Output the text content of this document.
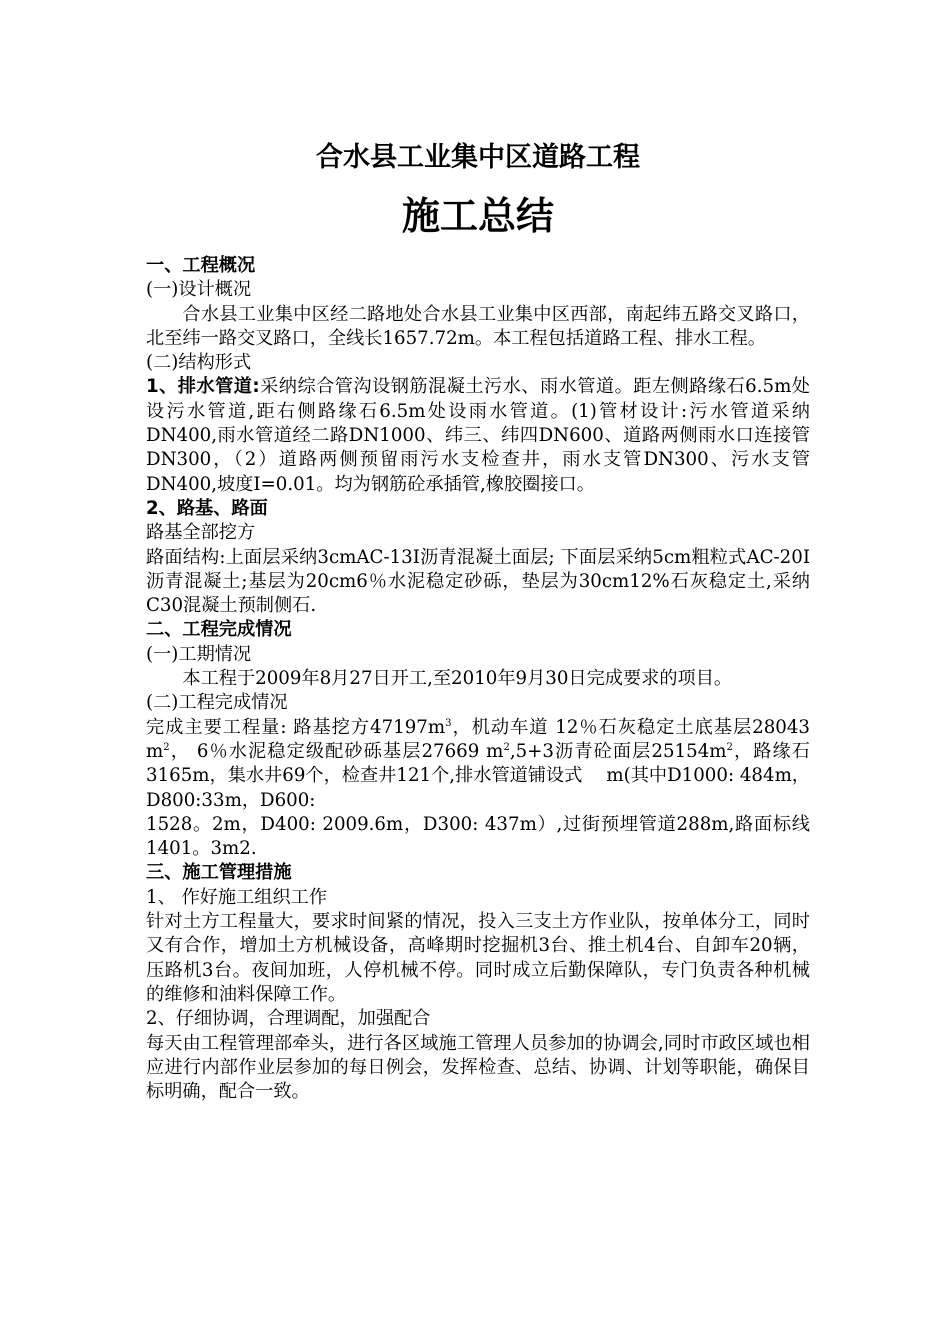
合水县工业集中区道路工程
施工总结
一、工程概况

(一)设计概况

合水县工业集中区经二路地处合水县工业集中区西部，南起纬五路交叉路口，北至纬一路交叉路口，全线长1657.72m。本工程包括道路工程、排水工程。

(二)结构形式

1、排水管道:采纳综合管沟设钢筋混凝土污水、雨水管道。距左侧路缘石6.5m处设污水管道,距右侧路缘石6.5m处设雨水管道。(1)管材设计:污水管道采纳DN400,雨水管道经二路DN1000、纬三、纬四DN600、道路两侧雨水口连接管DN300，（2）道路两侧预留雨污水支检查井，雨水支管DN300、污水支管DN400,坡度I=0.01。均为钢筋砼承插管,橡胶圈接口。

2、路基、路面

路基全部挖方

路面结构:上面层采纳3cmAC-13I沥青混凝土面层; 下面层采纳5cm粗粒式AC-20I沥青混凝土;基层为20cm6％水泥稳定砂砾，垫层为30cm12%石灰稳定土,采纳C30混凝土预制侧石.

二、工程完成情况

(一)工期情况

本工程于2009年8月27日开工,至2010年9月30日完成要求的项目。

(二)工程完成情况

完成主要工程量: 路基挖方$47197m^3$，机动车道 12％石灰稳定土底基层28043 $m^2$， 6％水泥稳定级配砂砾基层27669 $m^2,5+3$沥青砼面层$25154m^2$，路缘石3165m，集水井69个，检查井121个,排水管道铺设式　 m(其中D1000: 484m，D800:33m，D600:

1528。2m，D400: 2009.6m，D300: 437m）,过街预埋管道288m,路面标线1401。3m2.

三、施工管理措施

1、 作好施工组织工作

针对土方工程量大，要求时间紧的情况，投入三支土方作业队，按单体分工，同时又有合作，增加土方机械设备，高峰期时挖掘机3台、推土机4台、自卸车20辆，压路机3台。夜间加班，人停机械不停。同时成立后勤保障队，专门负责各种机械的维修和油料保障工作。

2、仔细协调，合理调配，加强配合

每天由工程管理部牵头，进行各区域施工管理人员参加的协调会,同时市政区域也相应进行内部作业层参加的每日例会，发挥检查、总结、协调、计划等职能，确保目标明确，配合一致。
